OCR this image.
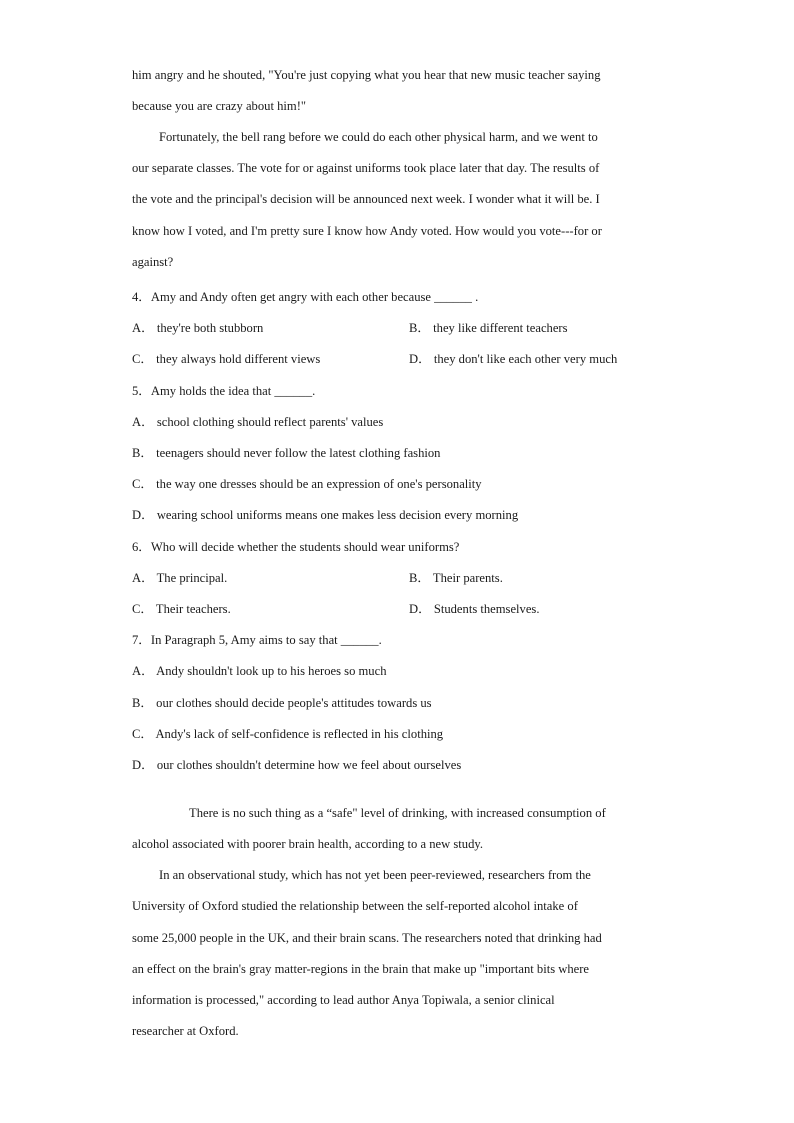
him angry and he shouted, "You're just copying what you hear that new music teacher saying
because you are crazy about him!"
Fortunately, the bell rang before we could do each other physical harm, and we went to
our separate classes. The vote for or against uniforms took place later that day. The results of
the vote and the principal's decision will be announced next week. I wonder what it will be. I
know how I voted, and I'm pretty sure I know how Andy voted. How would you vote---for or
against?
4．Amy and Andy often get angry with each other because ______ .
A． they're both stubborn	B． they like different teachers
C． they always hold different views	D． they don't like each other very much
5．Amy holds the idea that ______.
A． school clothing should reflect parents' values
B． teenagers should never follow the latest clothing fashion
C． the way one dresses should be an expression of one's personality
D． wearing school uniforms means one makes less decision every morning
6．Who will decide whether the students should wear uniforms?
A． The principal.	B． Their parents.
C． Their teachers.	D． Students themselves.
7．In Paragraph 5, Amy aims to say that ______.
A． Andy shouldn't look up to his heroes so much
B． our clothes should decide people's attitudes towards us
C． Andy's lack of self-confidence is reflected in his clothing
D． our clothes shouldn't determine how we feel about ourselves
There is no such thing as a “safe" level of drinking, with increased consumption of
alcohol associated with poorer brain health, according to a new study.
In an observational study, which has not yet been peer-reviewed, researchers from the
University of Oxford studied the relationship between the self-reported alcohol intake of
some 25,000 people in the UK, and their brain scans. The researchers noted that drinking had
an effect on the brain's gray matter-regions in the brain that make up "important bits where
information is processed," according to lead author Anya Topiwala, a senior clinical
researcher at Oxford.
